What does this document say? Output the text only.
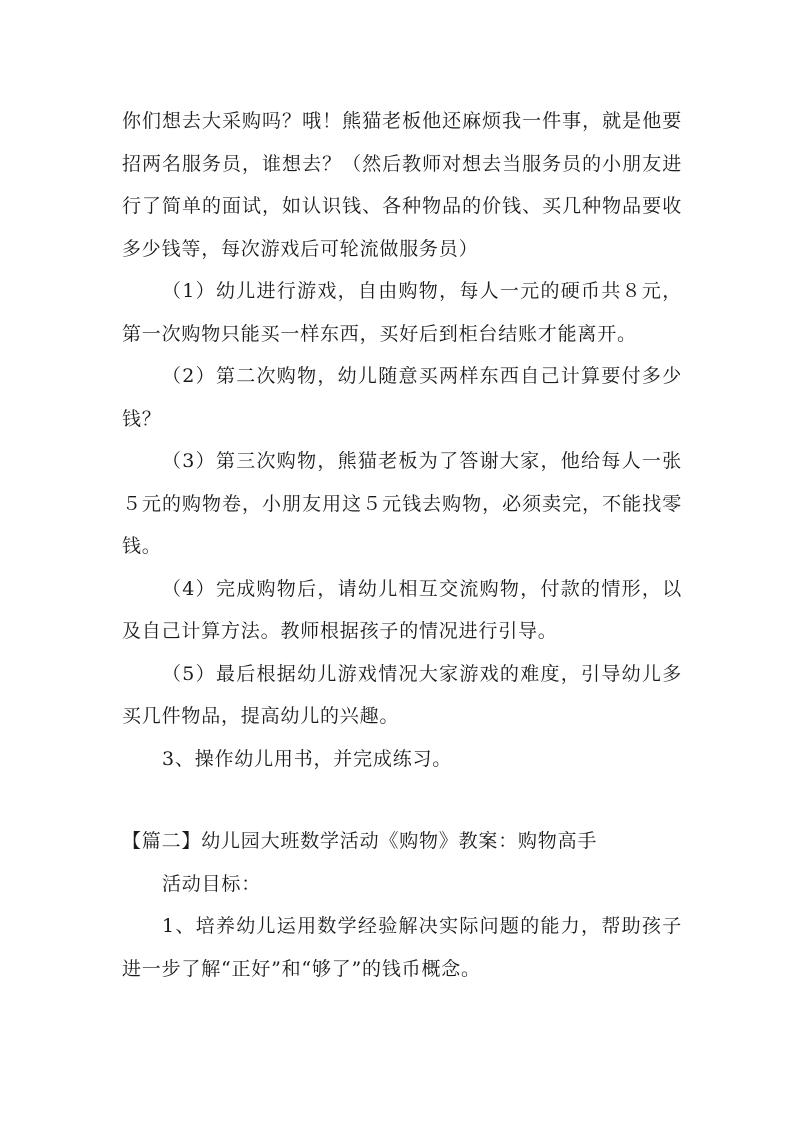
你们想去大采购吗？哦！熊猫老板他还麻烦我一件事，就是他要招两名服务员，谁想去？（然后教师对想去当服务员的小朋友进行了简单的面试，如认识钱、各种物品的价钱、买几种物品要收多少钱等，每次游戏后可轮流做服务员）

（1）幼儿进行游戏，自由购物，每人一元的硬币共８元，第一次购物只能买一样东西，买好后到柜台结账才能离开。

（2）第二次购物，幼儿随意买两样东西自己计算要付多少钱？

（3）第三次购物，熊猫老板为了答谢大家，他给每人一张５元的购物卷，小朋友用这５元钱去购物，必须卖完，不能找零钱。

（4）完成购物后，请幼儿相互交流购物，付款的情形，以及自己计算方法。教师根据孩子的情况进行引导。

（5）最后根据幼儿游戏情况大家游戏的难度，引导幼儿多买几件物品，提高幼儿的兴趣。

3、操作幼儿用书，并完成练习。

【篇二】幼儿园大班数学活动《购物》教案：购物高手

活动目标：

1、培养幼儿运用数学经验解决实际问题的能力，帮助孩子进一步了解“正好”和“够了”的钱币概念。
